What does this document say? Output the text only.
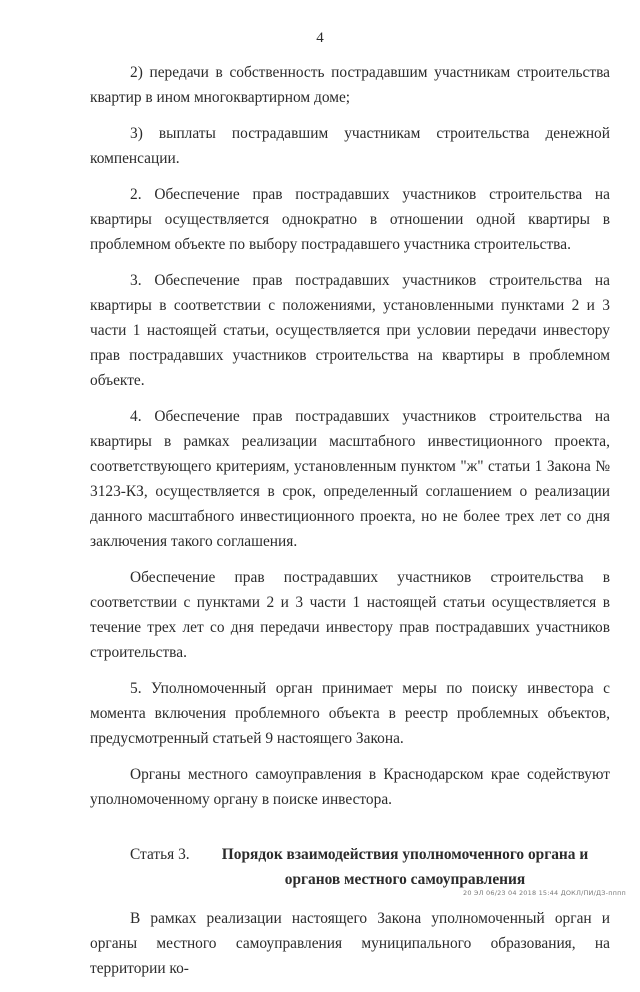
4

2) передачи в собственность пострадавшим участникам строительства квартир в ином многоквартирном доме;

3) выплаты пострадавшим участникам строительства денежной компенсации.

2. Обеспечение прав пострадавших участников строительства на квартиры осуществляется однократно в отношении одной квартиры в проблемном объекте по выбору пострадавшего участника строительства.

3. Обеспечение прав пострадавших участников строительства на квартиры в соответствии с положениями, установленными пунктами 2 и 3 части 1 настоящей статьи, осуществляется при условии передачи инвестору прав пострадавших участников строительства на квартиры в проблемном объекте.

4. Обеспечение прав пострадавших участников строительства на квартиры в рамках реализации масштабного инвестиционного проекта, соответствующего критериям, установленным пунктом "ж" статьи 1 Закона № 3123-КЗ, осуществляется в срок, определенный соглашением о реализации данного масштабного инвестиционного проекта, но не более трех лет со дня заключения такого соглашения.

Обеспечение прав пострадавших участников строительства в соответствии с пунктами 2 и 3 части 1 настоящей статьи осуществляется в течение трех лет со дня передачи инвестору прав пострадавших участников строительства.

5. Уполномоченный орган принимает меры по поиску инвестора с момента включения проблемного объекта в реестр проблемных объектов, предусмотренный статьей 9 настоящего Закона.

Органы местного самоуправления в Краснодарском крае содействуют уполномоченному органу в поиске инвестора.

Статья 3.	Порядок взаимодействия уполномоченного органа и органов местного самоуправления

В рамках реализации настоящего Закона уполномоченный орган и органы местного самоуправления муниципального образования, на территории ко-

20 ЭЛ 06/23 04 2018 15:44 ДОКЛ/ПИ/ДЗ-пппп
